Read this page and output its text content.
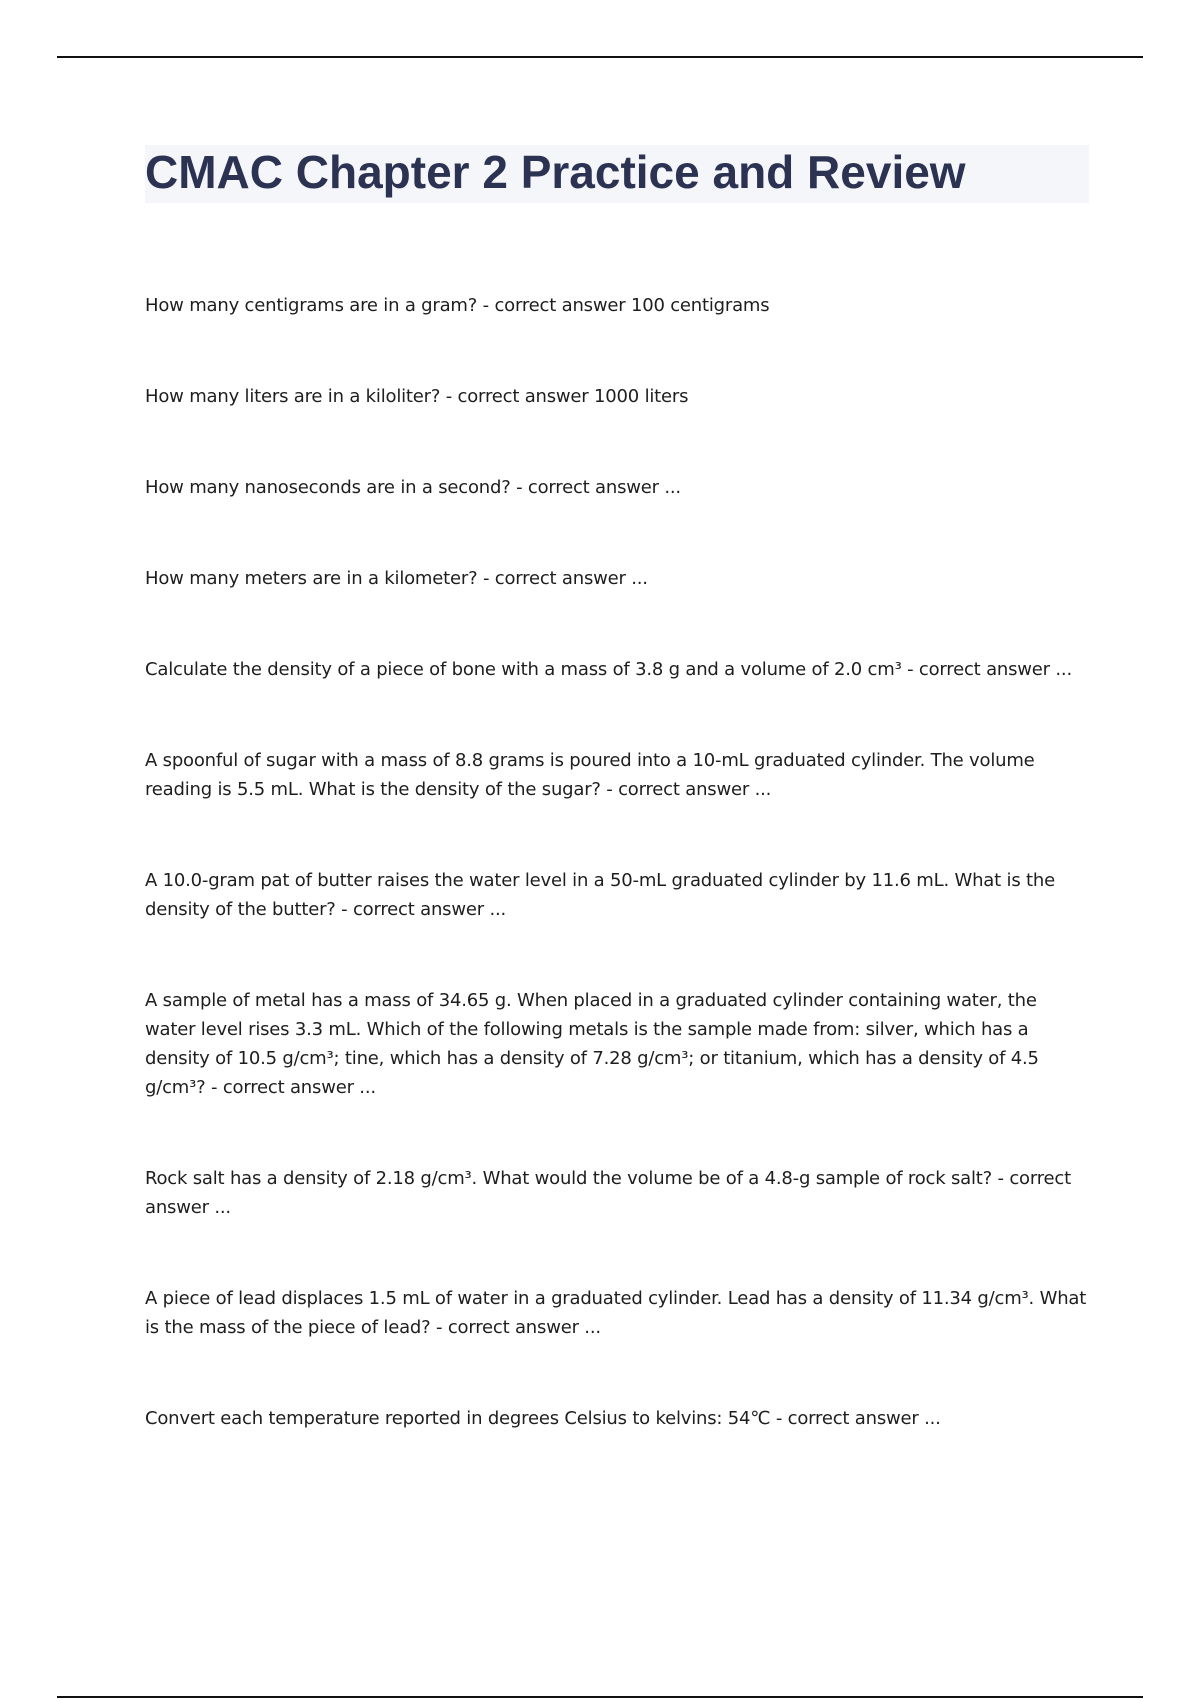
CMAC Chapter 2 Practice and Review

How many centigrams are in a gram? - correct answer 100 centigrams

How many liters are in a kiloliter? - correct answer 1000 liters

How many nanoseconds are in a second? - correct answer ...

How many meters are in a kilometer? - correct answer ...

Calculate the density of a piece of bone with a mass of 3.8 g and a volume of 2.0 cm³ - correct answer ...

A spoonful of sugar with a mass of 8.8 grams is poured into a 10-mL graduated cylinder. The volume reading is 5.5 mL. What is the density of the sugar? - correct answer ...

A 10.0-gram pat of butter raises the water level in a 50-mL graduated cylinder by 11.6 mL. What is the density of the butter? - correct answer ...

A sample of metal has a mass of 34.65 g. When placed in a graduated cylinder containing water, the water level rises 3.3 mL. Which of the following metals is the sample made from: silver, which has a density of 10.5 g/cm³; tine, which has a density of 7.28 g/cm³; or titanium, which has a density of 4.5 g/cm³? - correct answer ...

Rock salt has a density of 2.18 g/cm³. What would the volume be of a 4.8-g sample of rock salt? - correct answer ...

A piece of lead displaces 1.5 mL of water in a graduated cylinder. Lead has a density of 11.34 g/cm³. What is the mass of the piece of lead? - correct answer ...

Convert each temperature reported in degrees Celsius to kelvins: 54℃ - correct answer ...
